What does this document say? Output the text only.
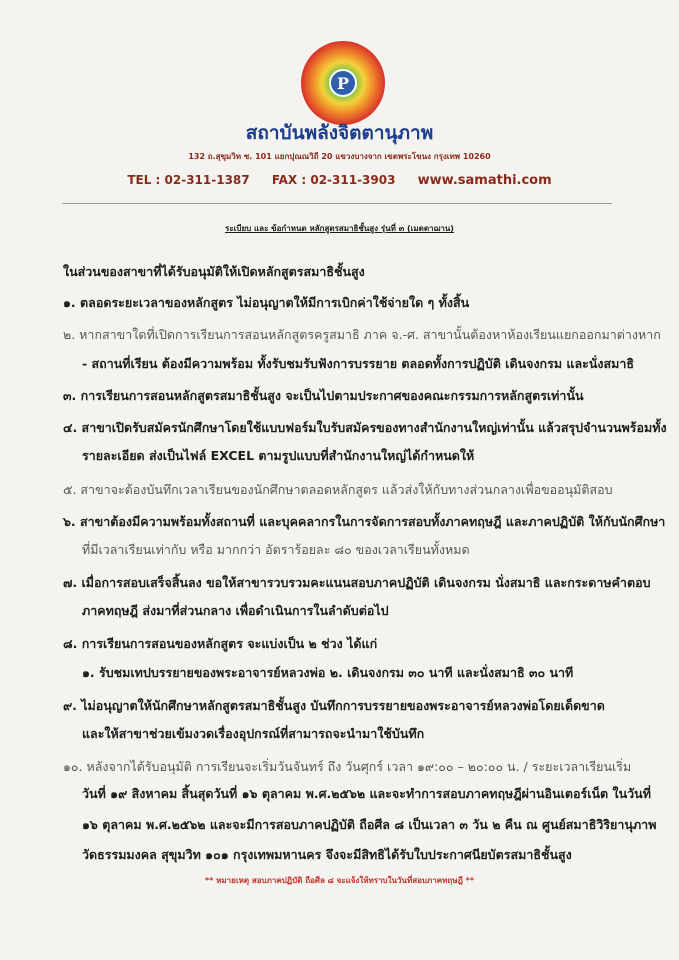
P
สถาบันพลังจิตตานุภาพ
132 ถ.สุขุมวิท ซ. 101 แยกปุณณวิถี 20 แขวงบางจาก เขตพระโขนง กรุงเทพ 10260
TEL : 02-311-1387 FAX : 02-311-3903 www.samathi.com
ระเบียบ และ ข้อกำหนด หลักสูตรสมาธิชั้นสูง รุ่นที่ ๓ (เมตตาฌาน)
ในส่วนของสาขาที่ได้รับอนุมัติให้เปิดหลักสูตรสมาธิชั้นสูง
๑. ตลอดระยะเวลาของหลักสูตร ไม่อนุญาตให้มีการเบิกค่าใช้จ่ายใด ๆ ทั้งสิ้น
๒. หากสาขาใดที่เปิดการเรียนการสอนหลักสูตรครูสมาธิ ภาค จ.-ศ. สาขานั้นต้องหาห้องเรียนแยกออกมาต่างหาก
- สถานที่เรียน ต้องมีความพร้อม ทั้งรับชมรับฟังการบรรยาย ตลอดทั้งการปฏิบัติ เดินจงกรม และนั่งสมาธิ
๓. การเรียนการสอนหลักสูตรสมาธิชั้นสูง จะเป็นไปตามประกาศของคณะกรรมการหลักสูตรเท่านั้น
๔. สาขาเปิดรับสมัครนักศึกษาโดยใช้แบบฟอร์มใบรับสมัครของทางสำนักงานใหญ่เท่านั้น แล้วสรุปจำนวนพร้อมทั้ง
รายละเอียด ส่งเป็นไฟล์ EXCEL ตามรูปแบบที่สำนักงานใหญ่ได้กำหนดให้
๕. สาขาจะต้องบันทึกเวลาเรียนของนักศึกษาตลอดหลักสูตร แล้วส่งให้กับทางส่วนกลางเพื่อขออนุมัติสอบ
๖. สาขาต้องมีความพร้อมทั้งสถานที่ และบุคคลากรในการจัดการสอบทั้งภาคทฤษฎี และภาคปฏิบัติ ให้กับนักศึกษา
ที่มีเวลาเรียนเท่ากับ หรือ มากกว่า อัตราร้อยละ ๘๐ ของเวลาเรียนทั้งหมด
๗. เมื่อการสอบเสร็จสิ้นลง ขอให้สาขารวบรวมคะแนนสอบภาคปฏิบัติ เดินจงกรม นั่งสมาธิ และกระดาษคำตอบ
ภาคทฤษฎี ส่งมาที่ส่วนกลาง เพื่อดำเนินการในลำดับต่อไป
๘. การเรียนการสอนของหลักสูตร จะแบ่งเป็น ๒ ช่วง ได้แก่
๑. รับชมเทปบรรยายของพระอาจารย์หลวงพ่อ ๒. เดินจงกรม ๓๐ นาที และนั่งสมาธิ ๓๐ นาที
๙. ไม่อนุญาตให้นักศึกษาหลักสูตรสมาธิชั้นสูง บันทึกการบรรยายของพระอาจารย์หลวงพ่อโดยเด็ดขาด
และให้สาขาช่วยเข้มงวดเรื่องอุปกรณ์ที่สามารถจะนำมาใช้บันทึก
๑๐. หลังจากได้รับอนุมัติ การเรียนจะเริ่มวันจันทร์ ถึง วันศุกร์ เวลา ๑๙:๐๐ – ๒๐:๐๐ น. / ระยะเวลาเรียนเริ่ม
วันที่ ๑๙ สิงหาคม สิ้นสุดวันที่ ๑๖ ตุลาคม พ.ศ.๒๕๖๒ และจะทำการสอบภาคทฤษฎีผ่านอินเตอร์เน็ต ในวันที่
๑๖ ตุลาคม พ.ศ.๒๕๖๒ และจะมีการสอบภาคปฏิบัติ ถือศีล ๘ เป็นเวลา ๓ วัน ๒ คืน ณ ศูนย์สมาธิวิริยานุภาพ
วัดธรรมมงคล สุขุมวิท ๑๐๑ กรุงเทพมหานคร จึงจะมีสิทธิได้รับใบประกาศนียบัตรสมาธิชั้นสูง
** หมายเหตุ สอบภาคปฏิบัติ ถือศีล ๘ จะแจ้งให้ทราบในวันที่สอบภาคทฤษฎี **
